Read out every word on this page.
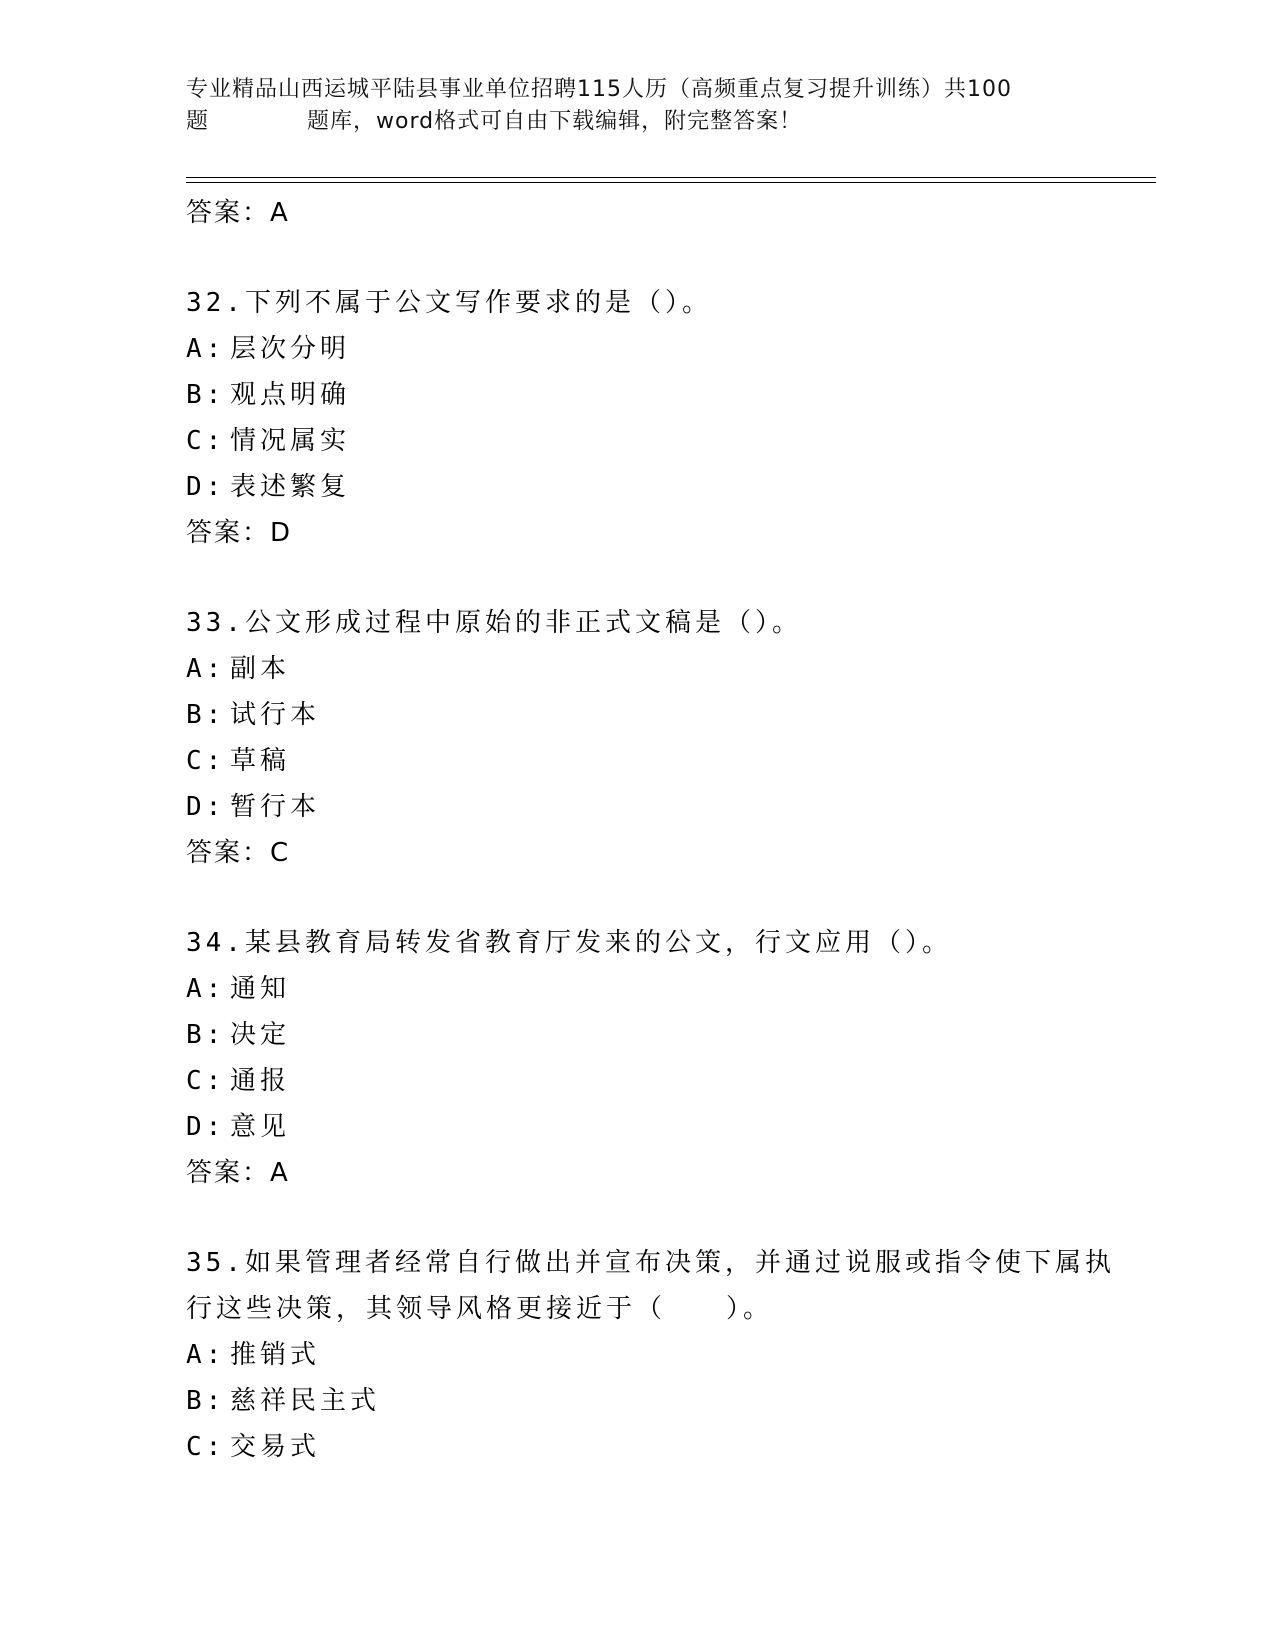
专业精品山西运城平陆县事业单位招聘115人历（高频重点复习提升训练）共100
题	题库，word格式可自由下载编辑，附完整答案！
答案：A
32.下列不属于公文写作要求的是（）。
A: 层次分明
B: 观点明确
C: 情况属实
D: 表述繁复
答案：D
33.公文形成过程中原始的非正式文稿是（）。
A: 副本
B: 试行本
C: 草稿
D: 暂行本
答案：C
34.某县教育局转发省教育厅发来的公文，行文应用（）。
A: 通知
B: 决定
C: 通报
D: 意见
答案：A
35.如果管理者经常自行做出并宣布决策，并通过说服或指令使下属执
行这些决策，其领导风格更接近于（　　）。
A: 推销式
B: 慈祥民主式
C: 交易式
